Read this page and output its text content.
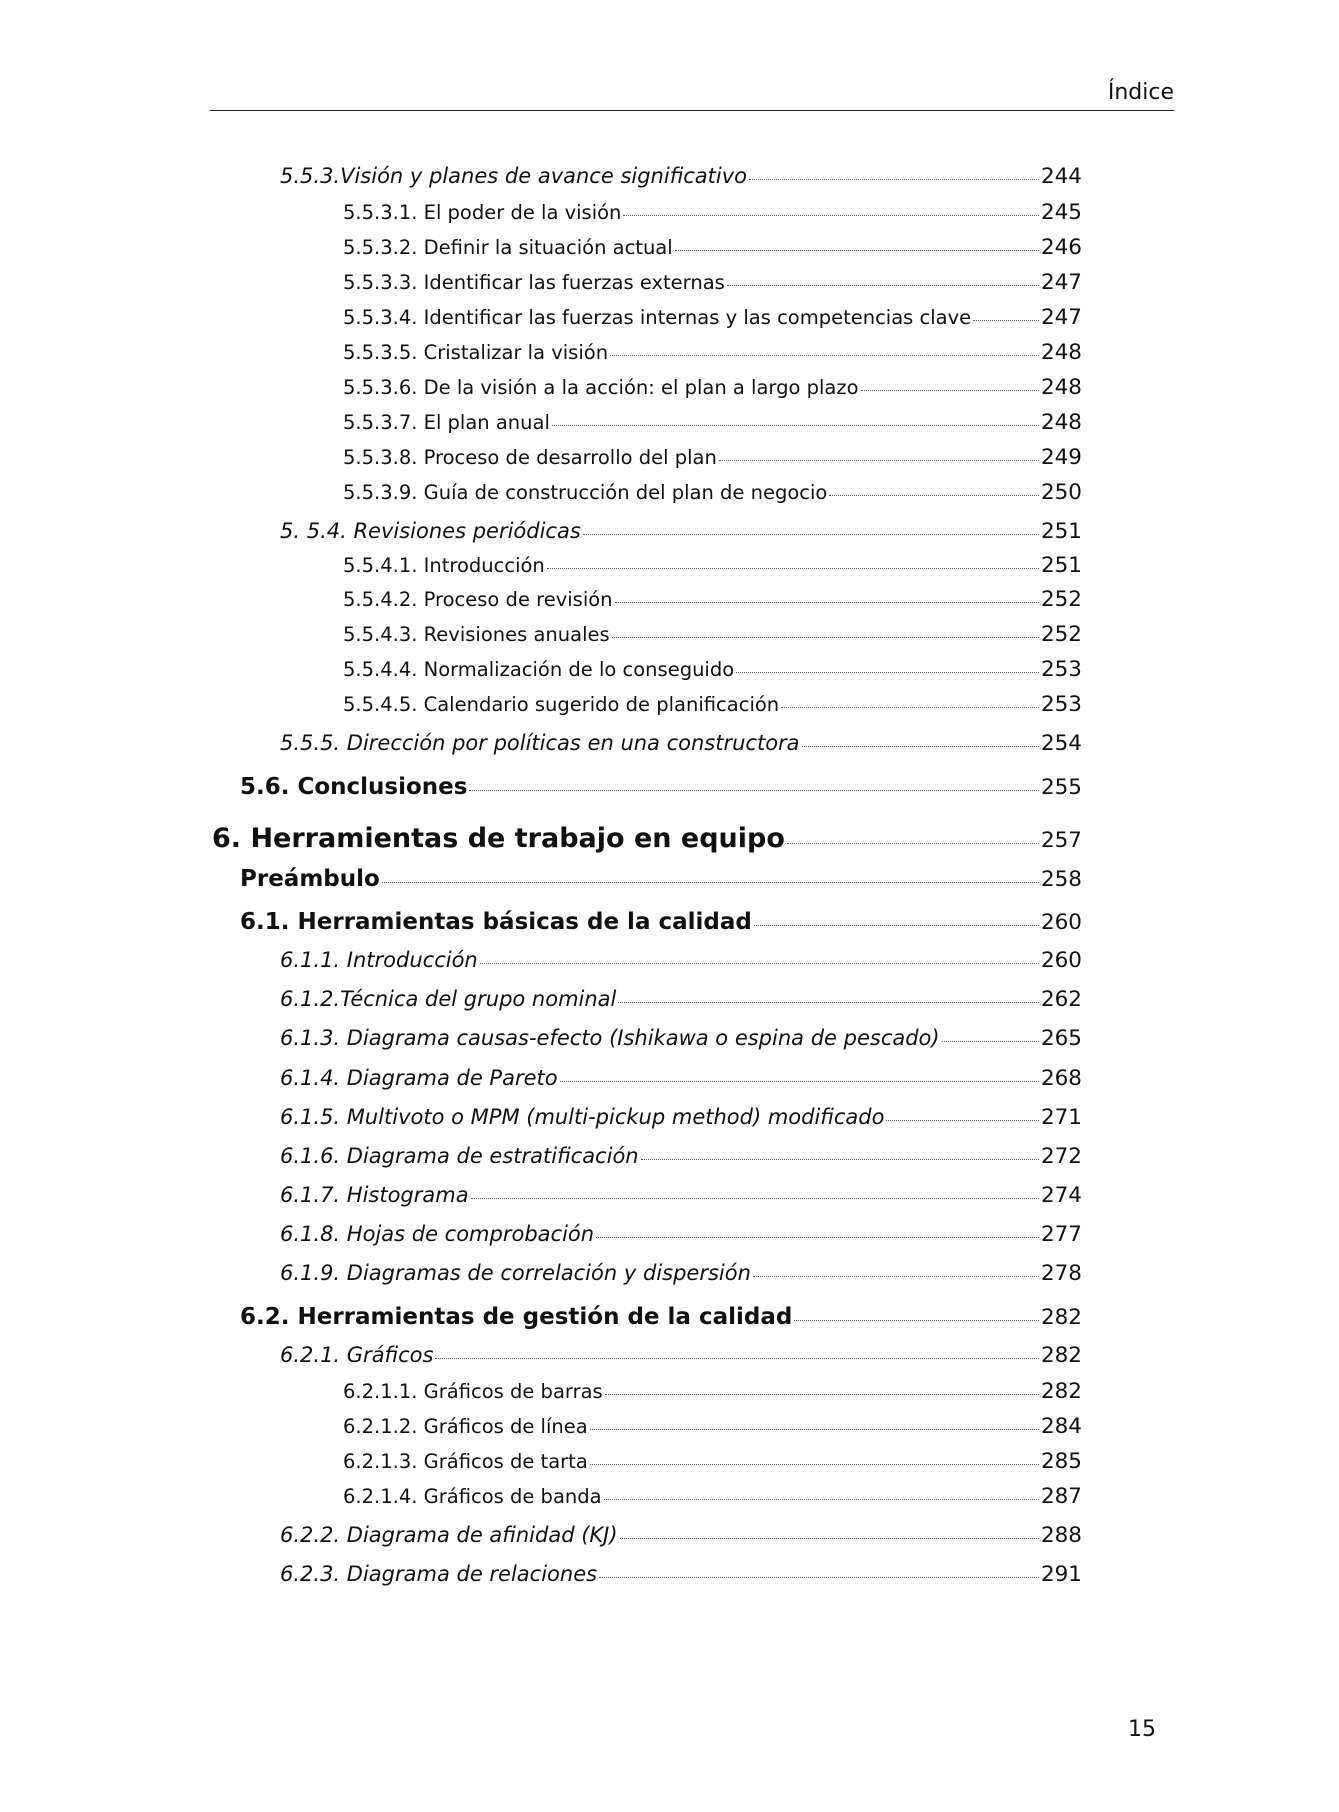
Índice
5.5.3.Visión y planes de avance significativo	244
5.5.3.1. El poder de la visión	245
5.5.3.2. Definir la situación actual	246
5.5.3.3. Identificar las fuerzas externas	247
5.5.3.4. Identificar las fuerzas internas y las competencias clave	247
5.5.3.5. Cristalizar la visión	248
5.5.3.6. De la visión a la acción: el plan a largo plazo	248
5.5.3.7. El plan anual	248
5.5.3.8. Proceso de desarrollo del plan	249
5.5.3.9. Guía de construcción del plan de negocio	250
5. 5.4. Revisiones periódicas	251
5.5.4.1. Introducción	251
5.5.4.2. Proceso de revisión	252
5.5.4.3. Revisiones anuales	252
5.5.4.4. Normalización de lo conseguido	253
5.5.4.5. Calendario sugerido de planificación	253
5.5.5. Dirección por políticas en una constructora	254
5.6. Conclusiones	255
6. Herramientas de trabajo en equipo	257
Preámbulo	258
6.1. Herramientas básicas de la calidad	260
6.1.1. Introducción	260
6.1.2.Técnica del grupo nominal	262
6.1.3. Diagrama causas-efecto (Ishikawa o espina de pescado)	265
6.1.4. Diagrama de Pareto	268
6.1.5. Multivoto o MPM (multi-pickup method) modificado	271
6.1.6. Diagrama de estratificación	272
6.1.7. Histograma	274
6.1.8. Hojas de comprobación	277
6.1.9. Diagramas de correlación y dispersión	278
6.2. Herramientas de gestión de la calidad	282
6.2.1. Gráficos	282
6.2.1.1. Gráficos de barras	282
6.2.1.2. Gráficos de línea	284
6.2.1.3. Gráficos de tarta	285
6.2.1.4. Gráficos de banda	287
6.2.2. Diagrama de afinidad (KJ)	288
6.2.3. Diagrama de relaciones	291
15
